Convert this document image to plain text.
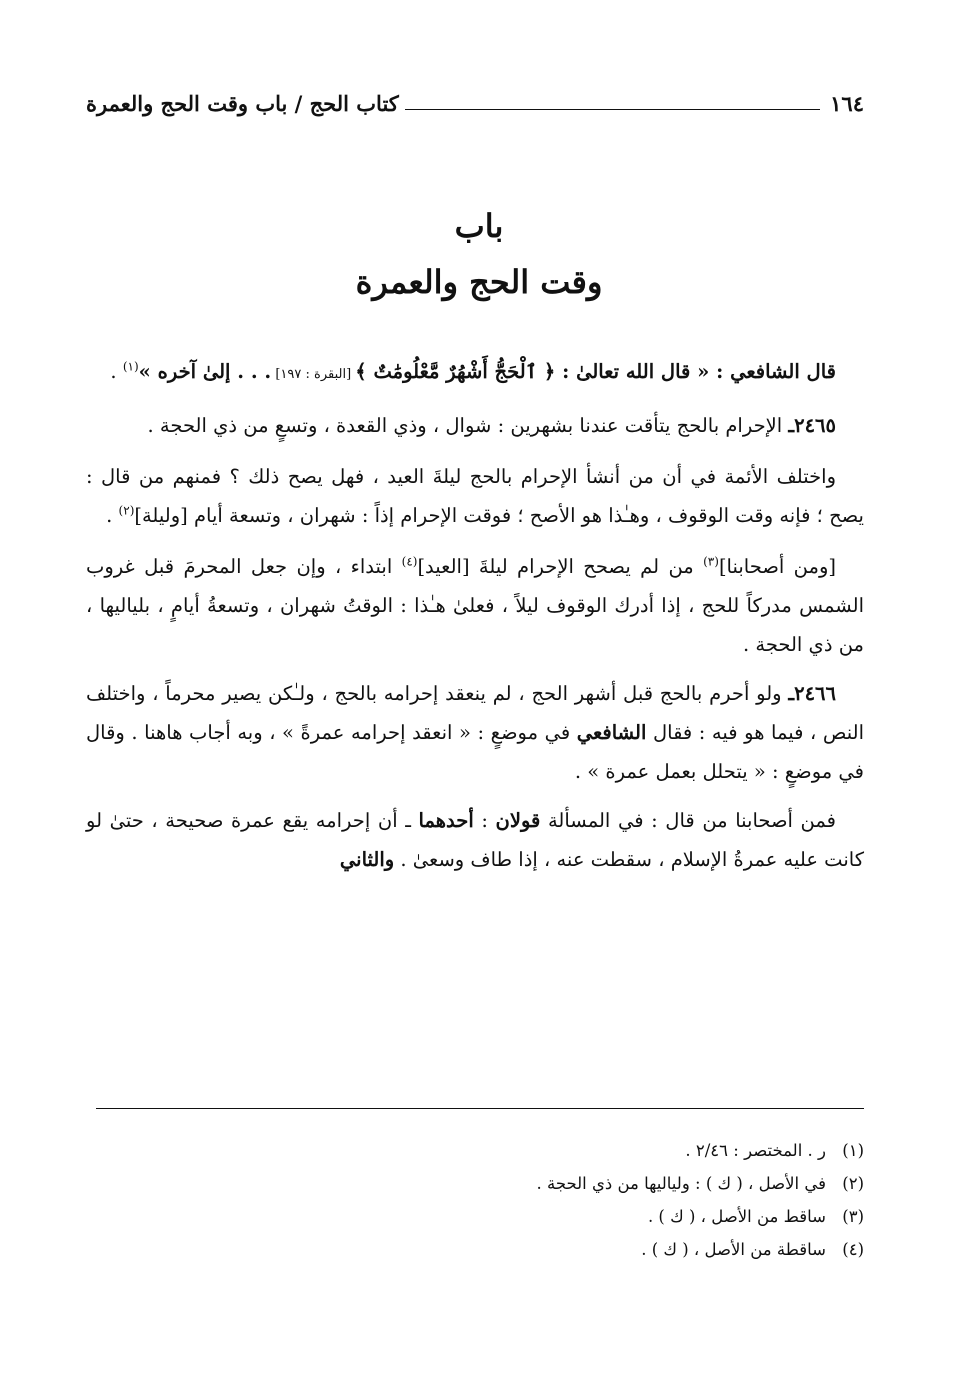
١٦٤
كتاب الحج / باب وقت الحج والعمرة
باب
وقت الحج والعمرة

قال الشافعي : « قال الله تعالىٰ : ﴿ ٱلْحَجُّ أَشْهُرٌ مَّعْلُومَٰتٌ ﴾ [البقرة : ١٩٧] . . . إلىٰ آخره »$^{(١)}$ .

٢٤٦٥ـ الإحرام بالحج يتأقت عندنا بشهرين : شوال ، وذي القعدة ، وتسعٍ من ذي الحجة .

واختلف الأئمة في أن من أنشأ الإحرام بالحج ليلةَ العيد ، فهل يصح ذلك ؟ فمنهم من قال : يصح ؛ فإنه وقت الوقوف ، وهـٰذا هو الأصح ؛ فوقت الإحرام إذاً : شهران ، وتسعة أيام [وليلة]$^{(٢)}$ .

[ومن أصحابنا]$^{(٣)}$ من لم يصحح الإحرام ليلةَ [العيد]$^{(٤)}$ ابتداء ، وإن جعل المحرمَ قبل غروب الشمس مدركاً للحج ، إذا أدرك الوقوف ليلاً ، فعلىٰ هـٰذا : الوقتُ شهران ، وتسعةُ أيامٍ ، بلياليها ، من ذي الحجة .

٢٤٦٦ـ ولو أحرم بالحج قبل أشهر الحج ، لم ينعقد إحرامه بالحج ، ولـٰكن يصير محرماً ، واختلف النص ، فيما هو فيه : فقال الشافعي في موضعٍ : « انعقد إحرامه عمرةً » ، وبه أجاب هاهنا . وقال في موضعٍ : « يتحلل بعمل عمرة » .

فمن أصحابنا من قال : في المسألة قولان : أحدهما ـ أن إحرامه يقع عمرة صحيحة ، حتىٰ لو كانت عليه عمرةُ الإسلام ، سقطت عنه ، إذا طاف وسعىٰ . والثاني

(١)
ر . المختصر : ٢/٤٦ .
(٢)
في الأصل ، ( ك ) : ولياليها من ذي الحجة .
(٣)
ساقط من الأصل ، ( ك ) .
(٤)
ساقطة من الأصل ، ( ك ) .
